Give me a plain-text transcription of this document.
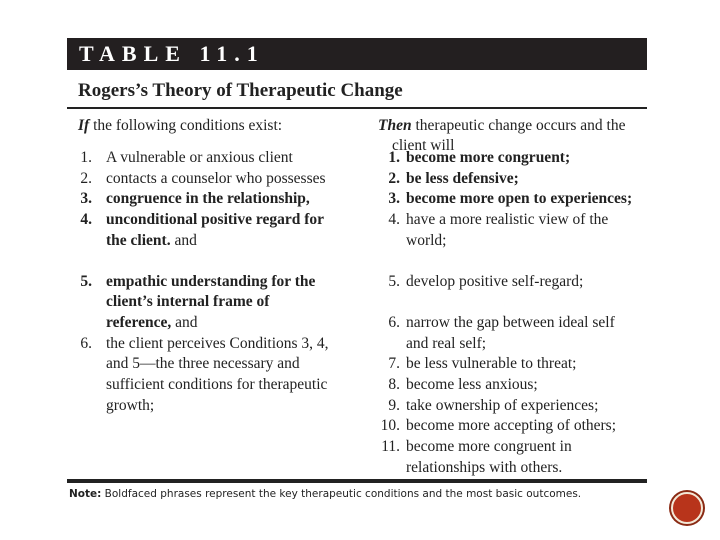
TABLE 11.1
Rogers’s Theory of Therapeutic Change
If the following conditions exist:	Then therapeutic change occurs and the
client will
1. A vulnerable or anxious client
2. contacts a counselor who possesses
3. congruence in the relationship,
4. unconditional positive regard for
the client. and
5. empathic understanding for the
client’s internal frame of
reference, and
6. the client perceives Conditions 3, 4,
and 5—the three necessary and
sufficient conditions for therapeutic
growth;
1. become more congruent;
2. be less defensive;
3. become more open to experiences;
4. have a more realistic view of the
world;
5. develop positive self-regard;
6. narrow the gap between ideal self
and real self;
7. be less vulnerable to threat;
8. become less anxious;
9. take ownership of experiences;
10. become more accepting of others;
11. become more congruent in
relationships with others.
Note: Boldfaced phrases represent the key therapeutic conditions and the most basic outcomes.
